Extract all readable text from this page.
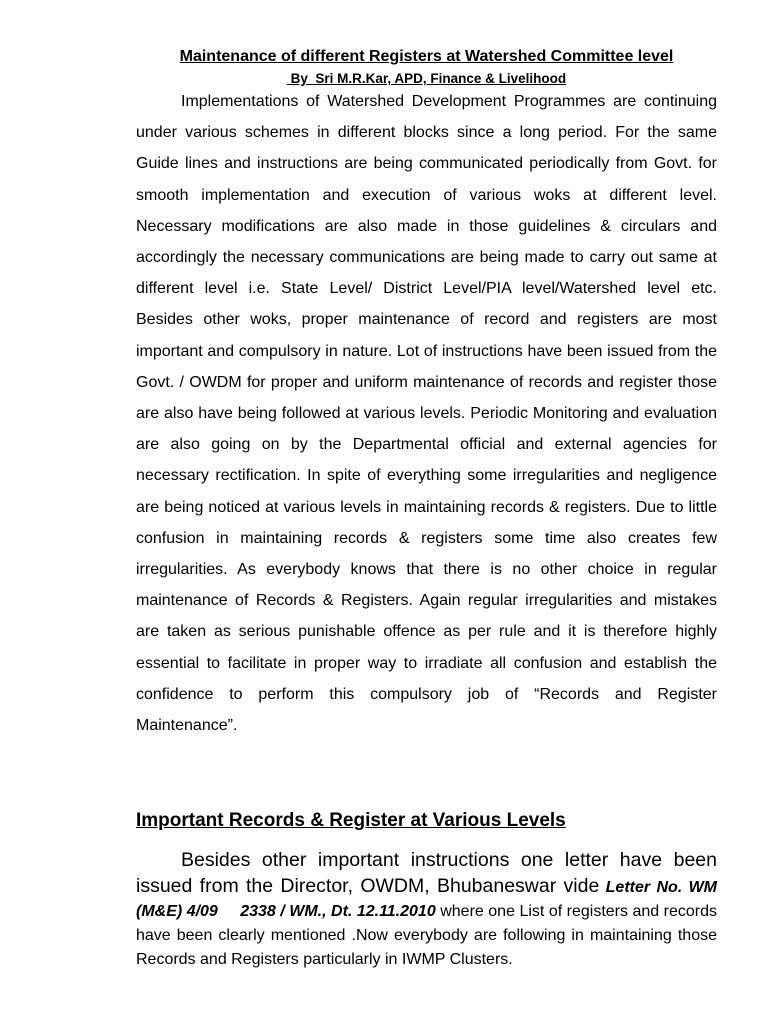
Maintenance of different Registers at Watershed Committee level

By  Sri M.R.Kar, APD, Finance & Livelihood

Implementations of Watershed Development Programmes are continuing under various schemes in different blocks since a long period. For the same Guide lines and instructions are being communicated periodically from Govt. for smooth implementation and execution of various woks at different level. Necessary modifications are also made in those guidelines & circulars and accordingly the necessary communications are being made to carry out same at different level i.e. State Level/ District Level/PIA level/Watershed level etc. Besides other woks, proper maintenance of record and registers are most important and compulsory in nature. Lot of instructions have been issued from the Govt. / OWDM for proper and uniform maintenance of records and register those are also have being followed at various levels. Periodic Monitoring and evaluation are also going on by the Departmental official and external agencies for necessary rectification. In spite of everything some irregularities and negligence are being noticed at various levels in maintaining records & registers. Due to little confusion in maintaining records & registers some time also creates few irregularities. As everybody knows that there is no other choice in regular maintenance of Records & Registers. Again regular irregularities and mistakes are taken as serious punishable offence as per rule and it is therefore highly essential to facilitate in proper way to irradiate all confusion and establish the confidence to perform this compulsory job of “Records and Register Maintenance”.

Important Records & Register at Various Levels

Besides other important instructions one letter have been issued from the Director, OWDM, Bhubaneswar vide Letter No. WM (M&E) 4/09     2338 / WM., Dt. 12.11.2010 where one List of registers and records have been clearly mentioned .Now everybody are following in maintaining those Records and Registers particularly in IWMP Clusters.
